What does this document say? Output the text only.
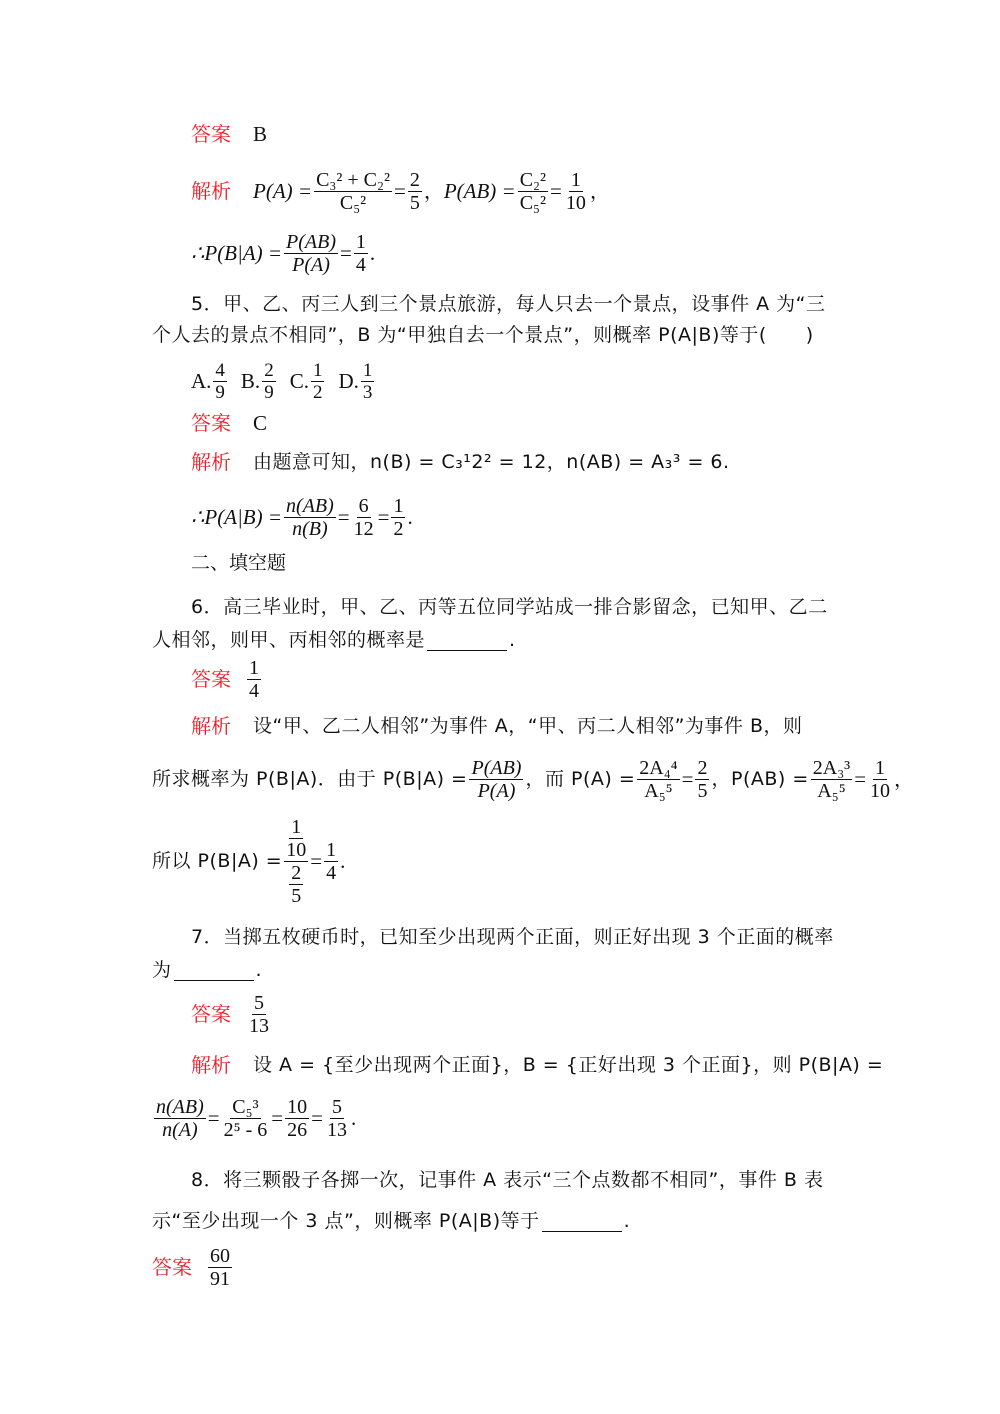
答案 B
解析 $P(A) = \frac{\text{C₃² + C₂²}}{\text{C₅²}} = \frac{2}{5}$ ， $P(AB) = \frac{\text{C₂²}}{\text{C₅²}} = \frac{1}{10}$ ，
∴P(B|A) = $\frac{P(AB)}{P(A)} = \frac{1}{4}$ .
5．甲、乙、丙三人到三个景点旅游，每人只去一个景点，设事件 A 为“三
个人去的景点不相同”，B 为“甲独自去一个景点”，则概率 P(A|B)等于(　　)
A. $\frac{4}{9} B$. $\frac{2}{9} C$. $\frac{1}{2} D$. $\frac{1}{3}$
答案 C
解析 由题意可知，n(B) = C₃¹2² = 12，n(AB) = A₃³ = 6.
∴P(A|B) = $\frac{n(AB)}{n(B)} = \frac{6}{12} = \frac{1}{2}$ .
二、填空题
6．高三毕业时，甲、乙、丙等五位同学站成一排合影留念，已知甲、乙二
人相邻，则甲、丙相邻的概率是	.
答案 $\frac{1}{4}$
解析 设“甲、乙二人相邻”为事件 A，“甲、丙二人相邻”为事件 B，则
所求概率为 P(B|A)．由于 $P(B|A) = \frac{P(AB)}{P(A)}$ ，而 $P(A) = \frac{\text{2A₄⁴}}{\text{A₅⁵}} = \frac{2}{5}$ ，$P(AB) = \frac{\text{2A₃³}}{\text{A₅⁵}} = \frac{1}{10}$ ，
所以 P(B|A) = 1
10
2
$5 = \frac{1}{4}$ .
7．当掷五枚硬币时，已知至少出现两个正面，则正好出现 3 个正面的概率
为	.
答案 $\frac{5}{13}$
解析 设 A = {至少出现两个正面}，B = {正好出现 3 个正面}，则 P(B|A) =
$\frac{n(AB)}{n(A)} = \frac{\text{C₅³}}{\text{2⁵ - 6}} = \frac{10}{26} = \frac{5}{13}$ .
8．将三颗骰子各掷一次，记事件 A 表示“三个点数都不相同”，事件 B 表
示“至少出现一个 3 点”，则概率 P(A|B)等于	.
答案 $\frac{60}{91}$
